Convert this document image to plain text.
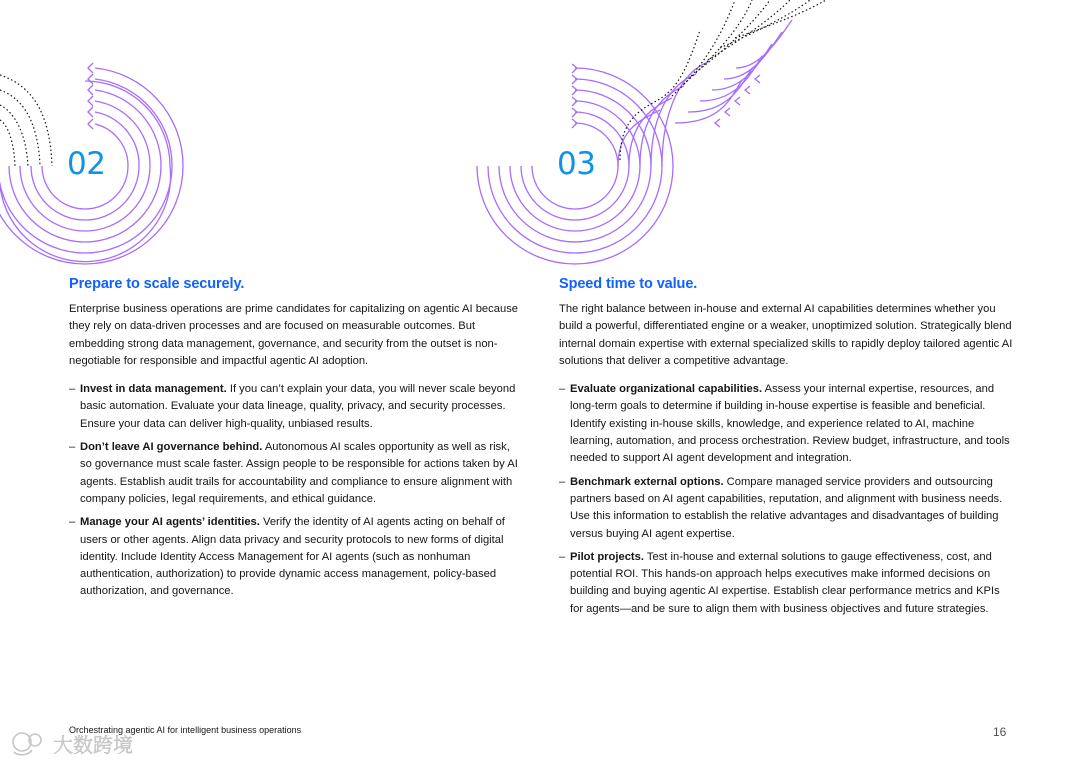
02	03
Prepare to scale securely.

Enterprise business operations are prime candidates for capitalizing on agentic AI because they rely on data-driven processes and are focused on measurable outcomes. But embedding strong data management, governance, and security from the outset is non-negotiable for responsible and impactful agentic AI adoption.

– Invest in data management. If you can’t explain your data, you will never scale beyond basic automation. Evaluate your data lineage, quality, privacy, and security processes. Ensure your data can deliver high-quality, unbiased results.
– Don’t leave AI governance behind. Autonomous AI scales opportunity as well as risk, so governance must scale faster. Assign people to be responsible for actions taken by AI agents. Establish audit trails for accountability and compliance to ensure alignment with company policies, legal requirements, and ethical guidance.
– Manage your AI agents’ identities. Verify the identity of AI agents acting on behalf of users or other agents. Align data privacy and security protocols to new forms of digital identity. Include Identity Access Management for AI agents (such as nonhuman authentication, authorization) to provide dynamic access management, policy-based authorization, and governance.
Speed time to value.

The right balance between in-house and external AI capabilities determines whether you build a powerful, differentiated engine or a weaker, unoptimized solution. Strategically blend internal domain expertise with external specialized skills to rapidly deploy tailored agentic AI solutions that deliver a competitive advantage.

– Evaluate organizational capabilities. Assess your internal expertise, resources, and long-term goals to determine if building in-house expertise is feasible and beneficial. Identify existing in-house skills, knowledge, and experience related to AI, machine learning, automation, and process orchestration. Review budget, infrastructure, and tools needed to support AI agent development and integration.
– Benchmark external options. Compare managed service providers and outsourcing partners based on AI agent capabilities, reputation, and alignment with business needs. Use this information to establish the relative advantages and disadvantages of building versus buying AI agent expertise.
– Pilot projects. Test in-house and external solutions to gauge effectiveness, cost, and potential ROI. This hands-on approach helps executives make informed decisions on building and buying agentic AI expertise. Establish clear performance metrics and KPIs for agents—and be sure to align them with business objectives and future strategies.
Orchestrating agentic AI for intelligent business operations	16
大数跨境
